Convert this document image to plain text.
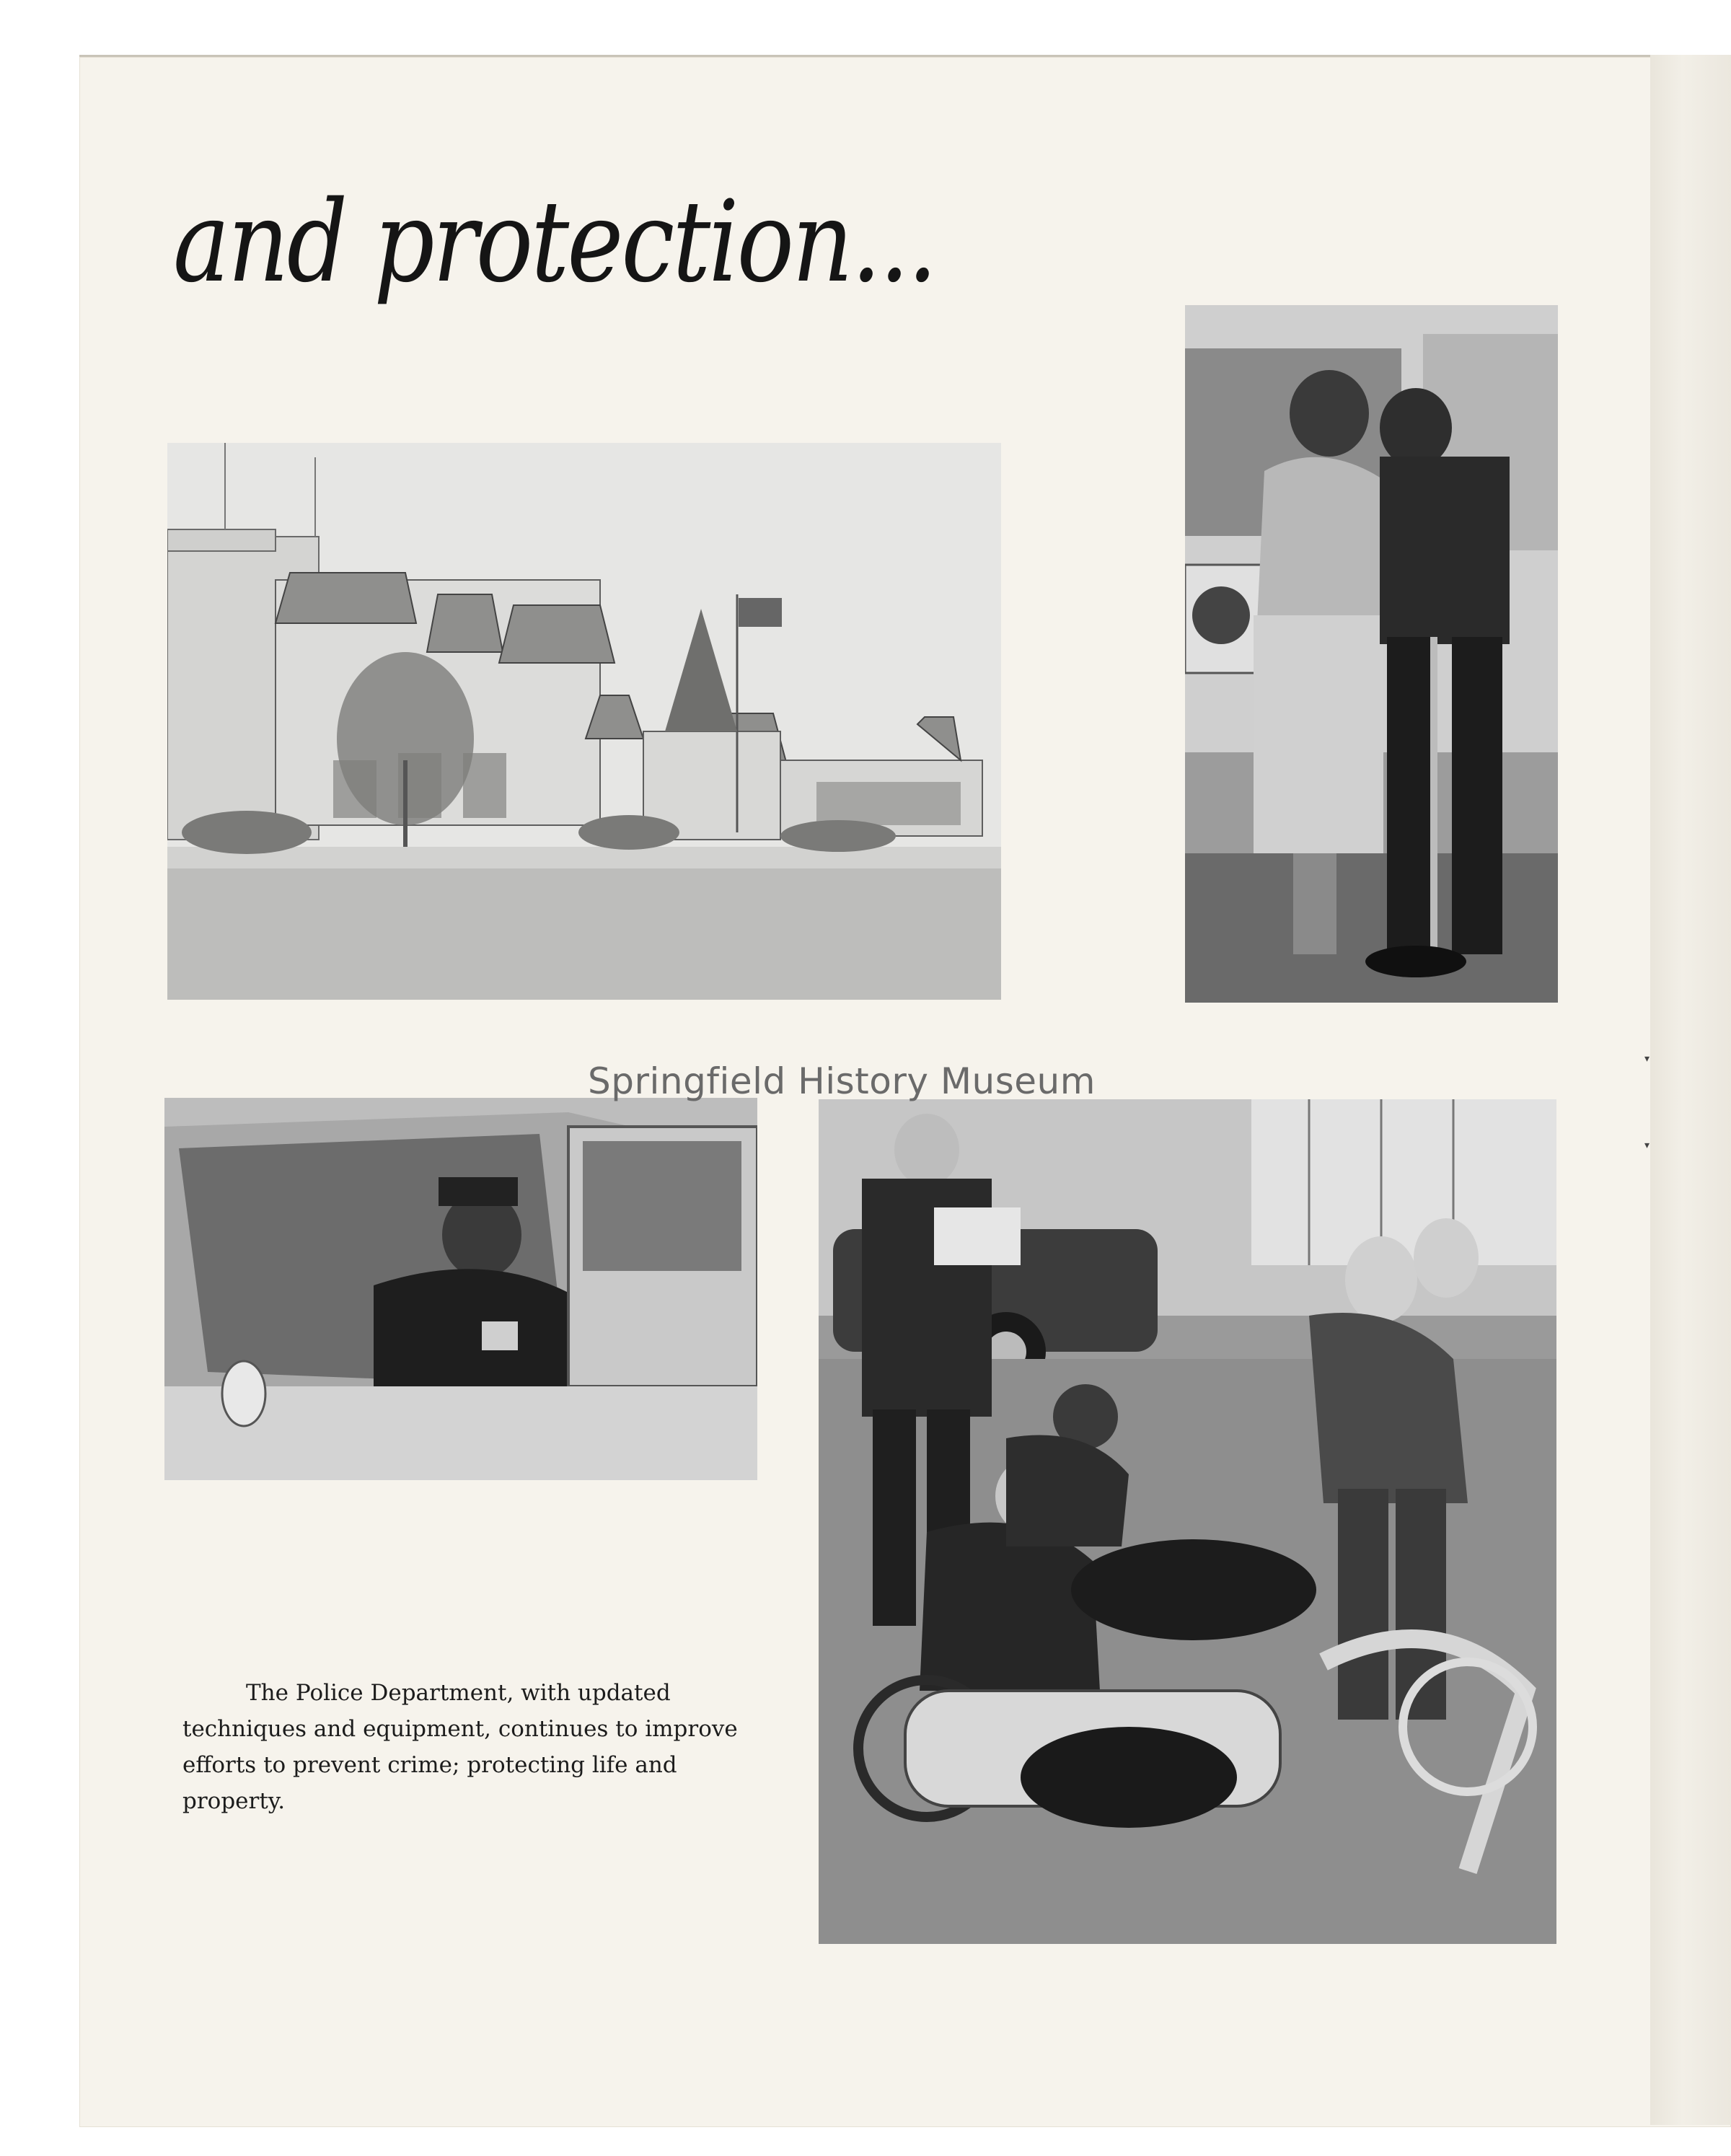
and protection...
The Police Department, with updated techniques and equipment, continues to improve efforts to prevent crime; protecting life and property.
Springfield History Museum
▾
▾
